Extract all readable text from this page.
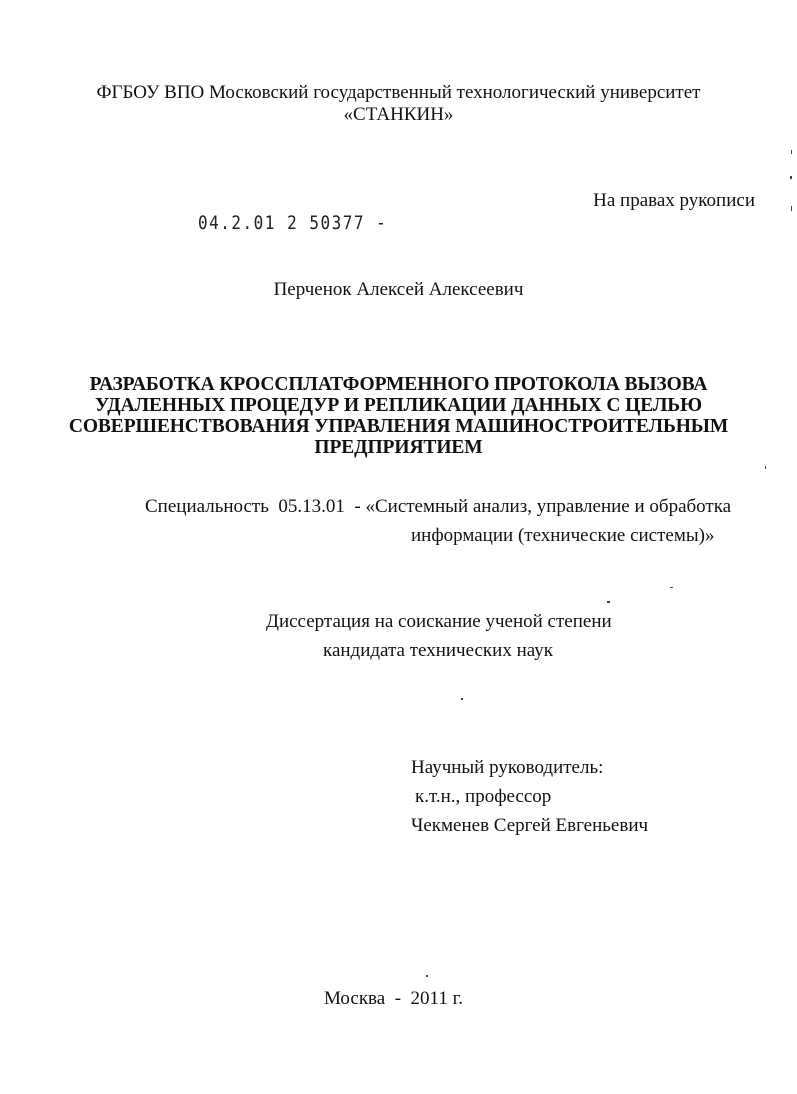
ФГБОУ ВПО Московский государственный технологический университет
«СТАНКИН»
На правах рукописи
04.2.01 2 50377 -
Перченок Алексей Алексеевич
РАЗРАБОТКА КРОССПЛАТФОРМЕННОГО ПРОТОКОЛА ВЫЗОВА
УДАЛЕННЫХ ПРОЦЕДУР И РЕПЛИКАЦИИ ДАННЫХ С ЦЕЛЬЮ
СОВЕРШЕНСТВОВАНИЯ УПРАВЛЕНИЯ МАШИНОСТРОИТЕЛЬНЫМ
ПРЕДПРИЯТИЕМ
Специальность 05.13.01 - «Системный анализ, управление и обработка
информации (технические системы)»
Диссертация на соискание ученой степени
кандидата технических наук
Научный руководитель:
к.т.н., профессор
Чекменев Сергей Евгеньевич
Москва - 2011 г.
